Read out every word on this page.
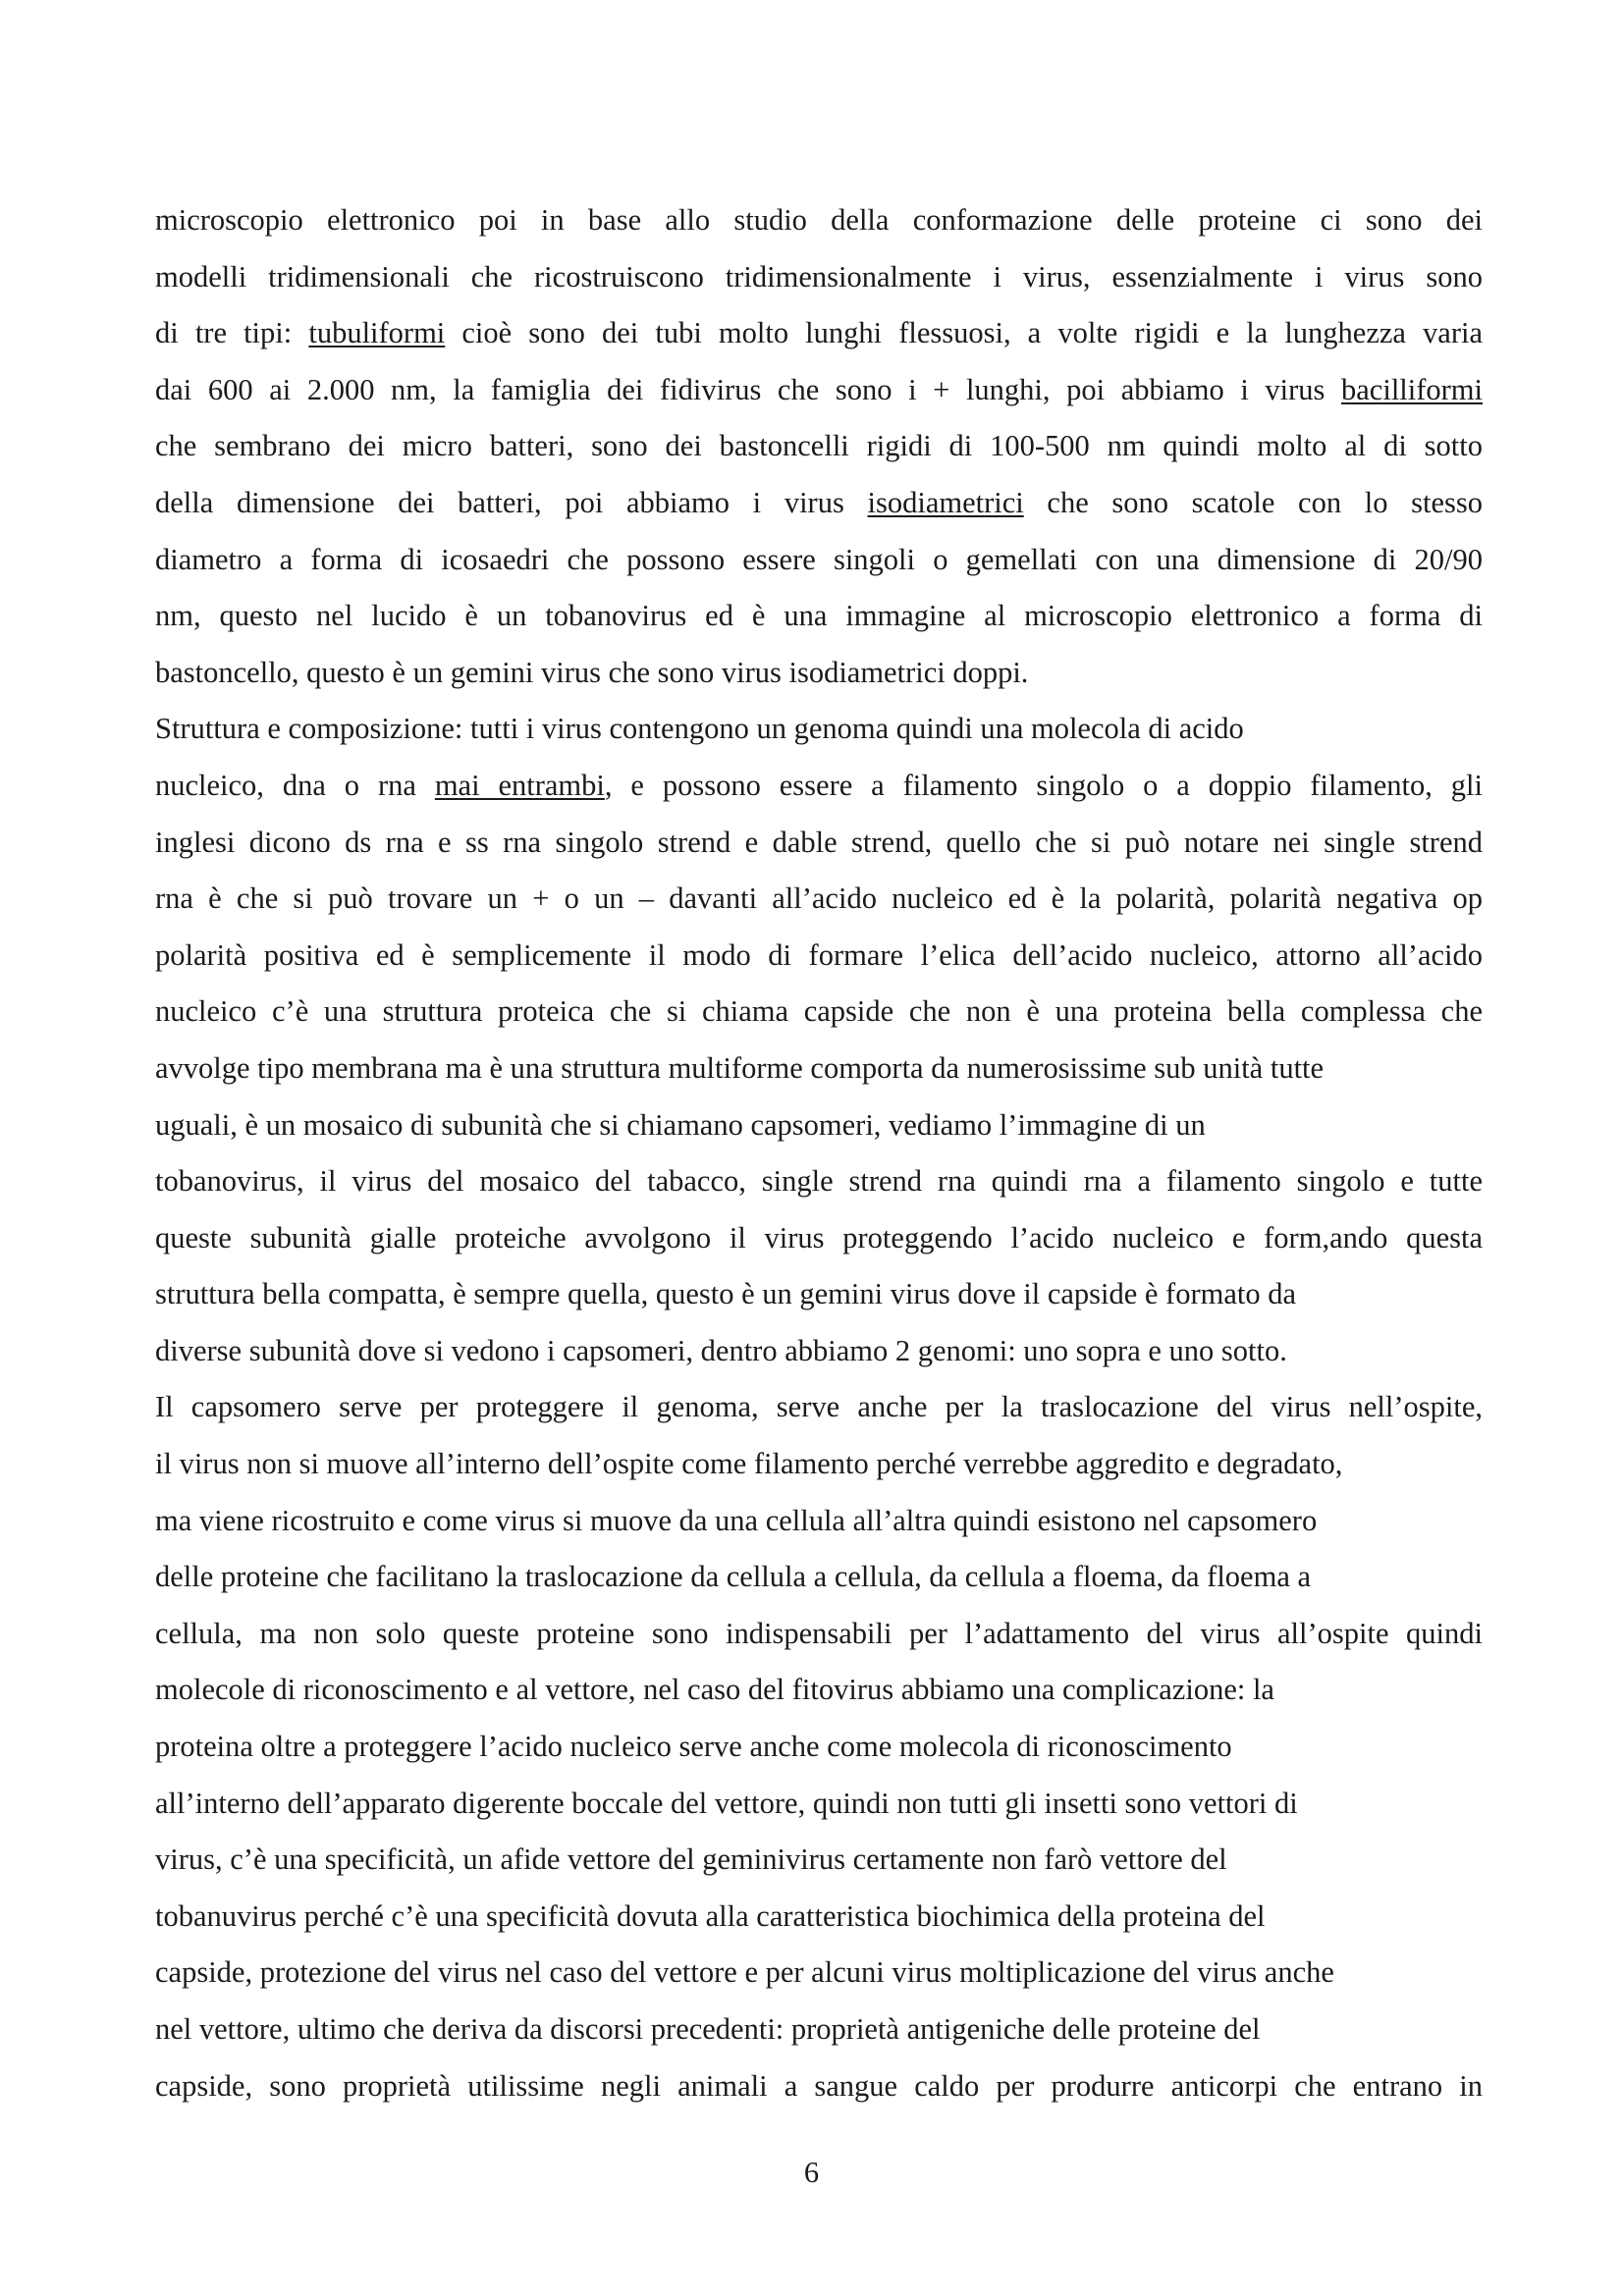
microscopio elettronico poi in base allo studio della conformazione delle proteine ci sono dei
modelli tridimensionali che ricostruiscono tridimensionalmente i virus, essenzialmente i virus sono
di tre tipi: tubuliformi cioè sono dei tubi molto lunghi flessuosi, a volte rigidi e la lunghezza varia
dai 600 ai 2.000 nm, la famiglia dei fidivirus che sono i + lunghi, poi abbiamo i virus bacilliformi
che sembrano dei micro batteri, sono dei bastoncelli rigidi di 100-500 nm quindi molto al di sotto
della dimensione dei batteri, poi abbiamo i virus isodiametrici che sono scatole con lo stesso
diametro a forma di icosaedri che possono essere singoli o gemellati con una dimensione di 20/90
nm, questo nel lucido è un tobanovirus ed è una immagine al microscopio elettronico a forma di
bastoncello, questo è un gemini virus che sono virus isodiametrici doppi.
Struttura e composizione: tutti i virus contengono un genoma quindi una molecola di acido
nucleico, dna o rna mai entrambi, e possono essere a filamento singolo o a doppio filamento, gli
inglesi dicono ds rna e ss rna singolo strend e dable strend, quello che si può notare nei single strend
rna è che si può trovare un + o un – davanti all’acido nucleico ed è la polarità, polarità negativa op
polarità positiva ed è semplicemente il modo di formare l’elica dell’acido nucleico, attorno all’acido
nucleico c’è una struttura proteica che si chiama capside che non è una proteina bella complessa che
avvolge tipo membrana ma è una struttura multiforme comporta da numerosissime sub unità tutte
uguali, è un mosaico di subunità che si chiamano capsomeri, vediamo l’immagine di un
tobanovirus, il virus del mosaico del tabacco, single strend rna quindi rna a filamento singolo e tutte
queste subunità gialle proteiche avvolgono il virus proteggendo l’acido nucleico e form,ando questa
struttura bella compatta, è sempre quella, questo è un gemini virus dove il capside è formato da
diverse subunità dove si vedono i capsomeri, dentro abbiamo 2 genomi: uno sopra e uno sotto.
Il capsomero serve per proteggere il genoma, serve anche per la traslocazione del virus nell’ospite,
il virus non si muove all’interno dell’ospite come filamento perché verrebbe aggredito e degradato,
ma viene ricostruito e come virus si muove da una cellula all’altra quindi esistono nel capsomero
delle proteine che facilitano la traslocazione da cellula a cellula, da cellula a floema, da floema a
cellula, ma non solo queste proteine sono indispensabili per l’adattamento del virus all’ospite quindi
molecole di riconoscimento e al vettore, nel caso del fitovirus abbiamo una complicazione: la
proteina oltre a proteggere l’acido nucleico serve anche come molecola di riconoscimento
all’interno dell’apparato digerente boccale del vettore, quindi non tutti gli insetti sono vettori di
virus, c’è una specificità, un afide vettore del geminivirus certamente non farò vettore del
tobanuvirus perché c’è una specificità dovuta alla caratteristica biochimica della proteina del
capside, protezione del virus nel caso del vettore e per alcuni virus moltiplicazione del virus anche
nel vettore, ultimo che deriva da discorsi precedenti: proprietà antigeniche delle proteine del
capside, sono proprietà utilissime negli animali a sangue caldo per produrre anticorpi che entrano in
6
